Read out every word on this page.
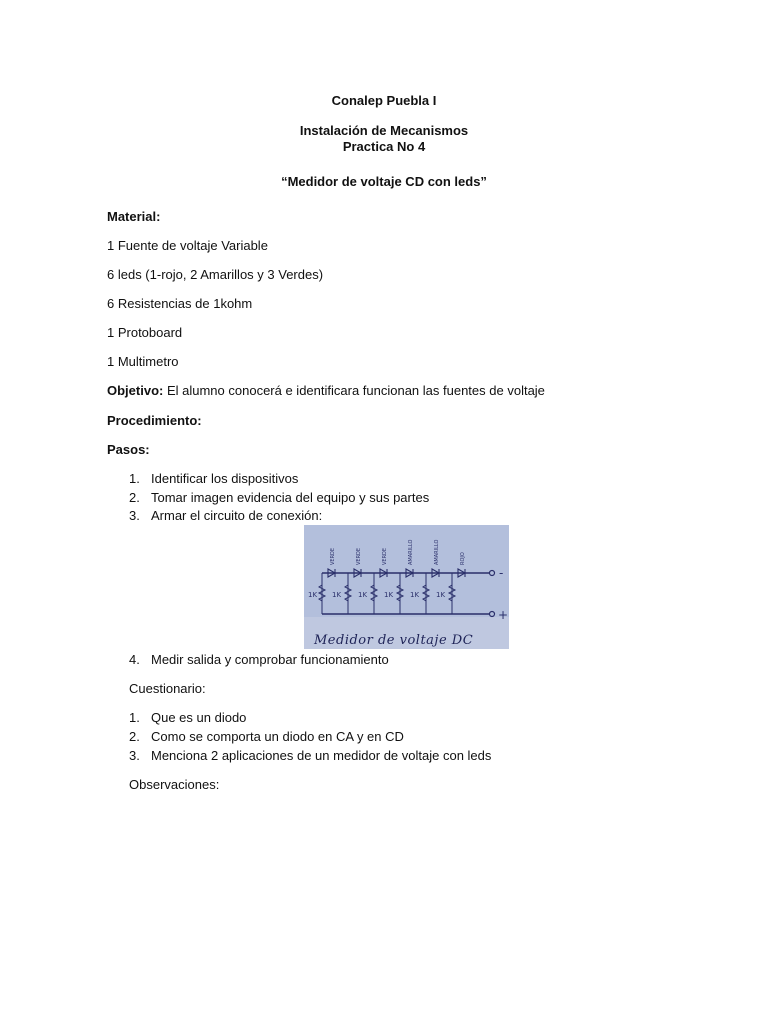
Conalep Puebla I
Instalación de Mecanismos
Practica No 4
“Medidor de voltaje CD con leds”
Material:
1 Fuente de voltaje Variable
6 leds (1-rojo, 2 Amarillos y 3 Verdes)
6 Resistencias de 1kohm
1 Protoboard
1 Multimetro
Objetivo: El alumno conocerá e identificara funcionan las fuentes de voltaje
Procedimiento:
Pasos:
1. Identificar los dispositivos
2. Tomar imagen evidencia del equipo y sus partes
3. Armar el circuito de conexión:
-
+
1K
VERDE
1K
VERDE
1K
VERDE
1K
AMARILLO
1K
AMARILLO
1K
ROJO
Medidor de voltaje DC
4. Medir salida y comprobar funcionamiento
Cuestionario:
1. Que es un diodo
2. Como se comporta un diodo en CA y en CD
3. Menciona 2 aplicaciones de un medidor de voltaje con leds
Observaciones:
